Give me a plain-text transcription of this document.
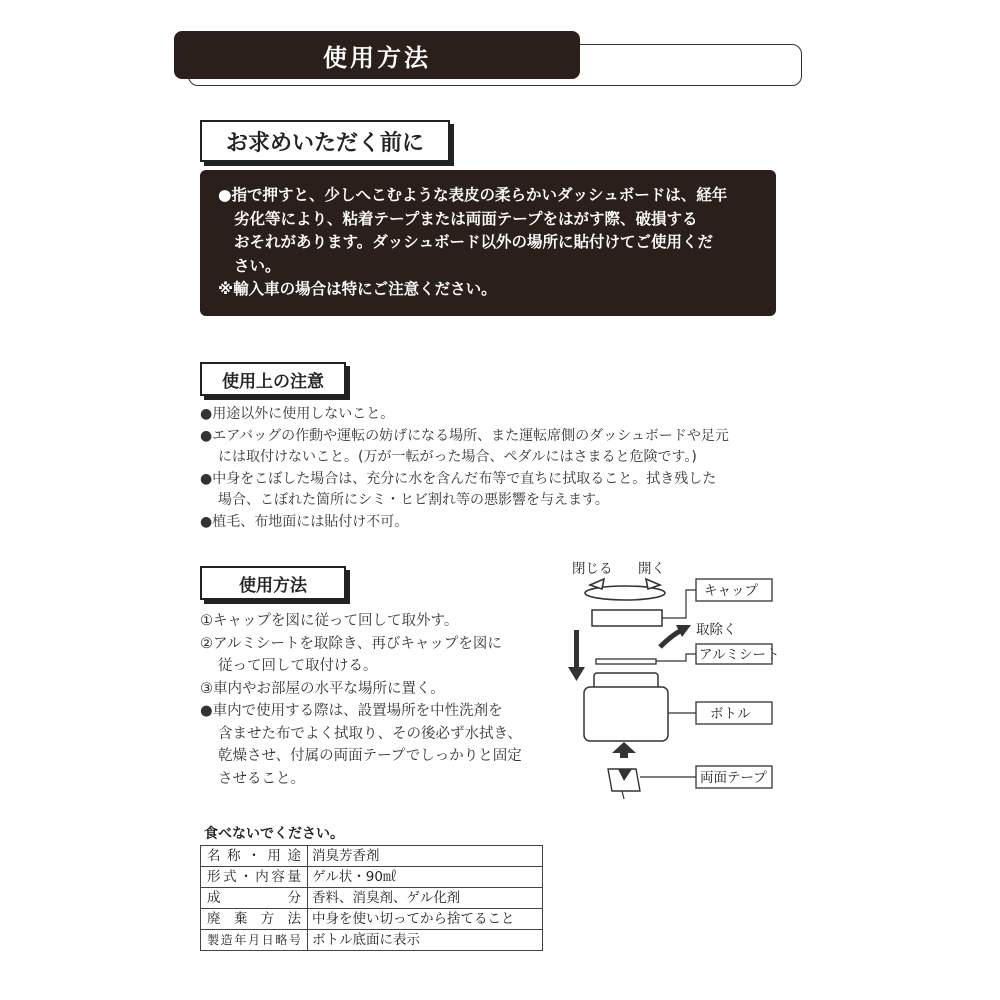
使用方法
お求めいただく前に
●指で押すと、少しへこむような表皮の柔らかいダッシュボードは、経年
劣化等により、粘着テープまたは両面テープをはがす際、破損する
おそれがあります。ダッシュボード以外の場所に貼付けてご使用くだ
さい。
※輸入車の場合は特にご注意ください。
使用上の注意
●用途以外に使用しないこと。
●エアバッグの作動や運転の妨げになる場所、また運転席側のダッシュボードや足元
には取付けないこと。(万が一転がった場合、ペダルにはさまると危険です。)
●中身をこぼした場合は、充分に水を含んだ布等で直ちに拭取ること。拭き残した
場合、こぼれた箇所にシミ・ヒビ割れ等の悪影響を与えます。
●植毛、布地面には貼付け不可。
使用方法
①キャップを図に従って回して取外す。
②アルミシートを取除き、再びキャップを図に
従って回して取付ける。
③車内やお部屋の水平な場所に置く。
●車内で使用する際は、設置場所を中性洗剤を
含ませた布でよく拭取り、その後必ず水拭き、
乾燥させ、付属の両面テープでしっかりと固定
させること。
閉じる 開く
キャップ
取除く
アルミシート
ボトル
両面テープ
食べないでください。
名称・用途	消臭芳香剤
形式・内容量	ゲル状・90㎖
成分	香料、消臭剤、ゲル化剤
廃棄方法	中身を使い切ってから捨てること
製造年月日略号	ボトル底面に表示
